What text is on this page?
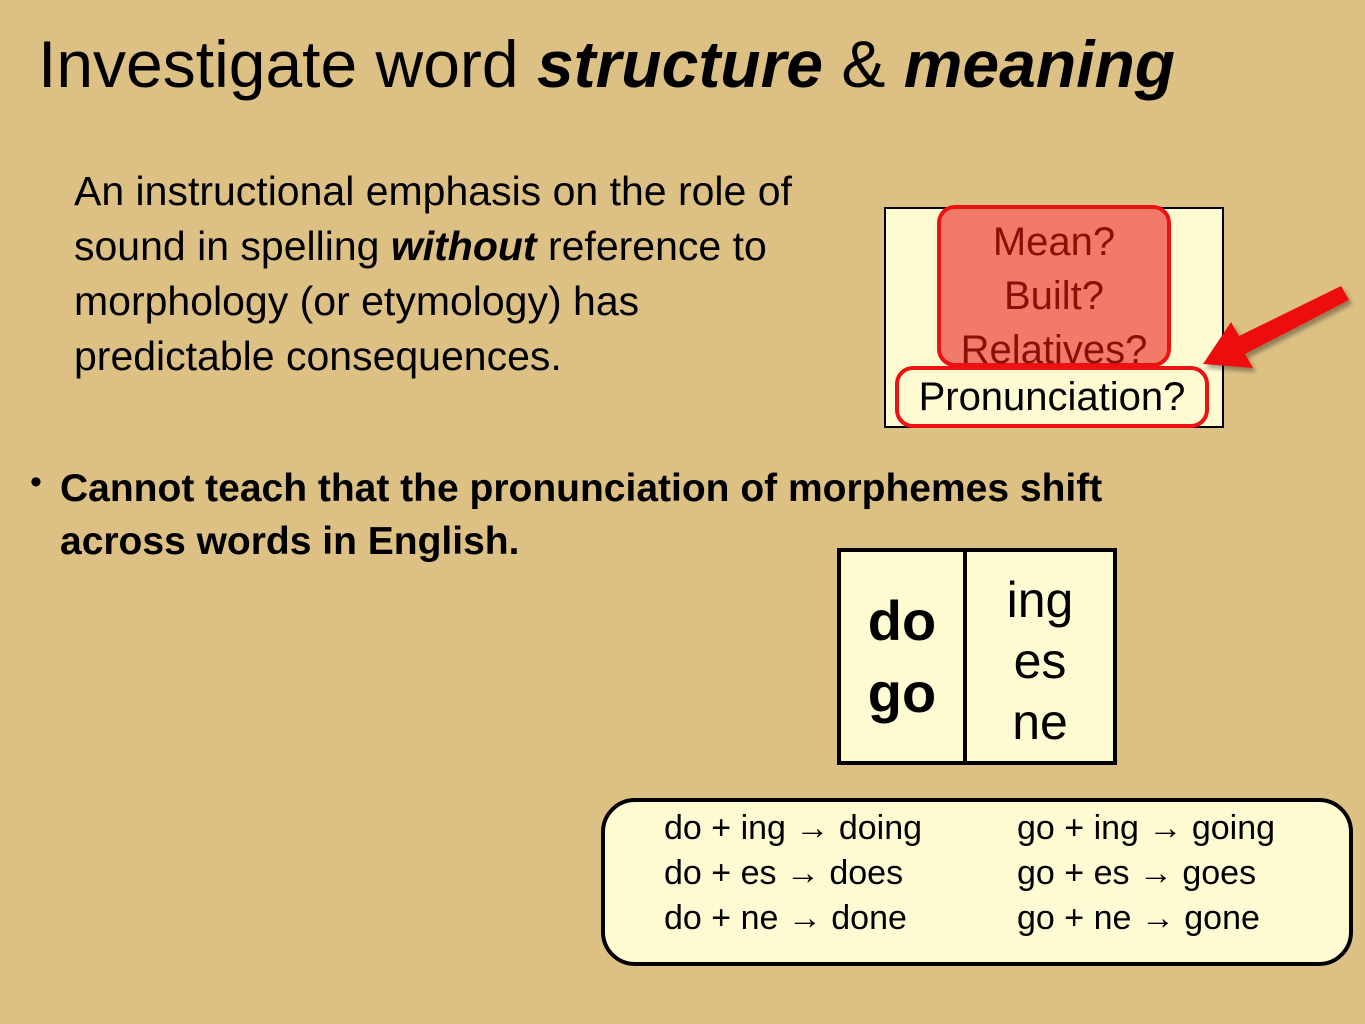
Investigate word structure & meaning
An instructional emphasis on the role of
sound in spelling without reference to
morphology (or etymology) has
predictable consequences.
Mean?
Built?
Relatives?
Pronunciation?
• Cannot teach that the pronunciation of morphemes shift
across words in English.
do
go
ing
es
ne
do + ing → doing
do + es → does
do + ne → done
go + ing → going
go + es → goes
go + ne → gone
